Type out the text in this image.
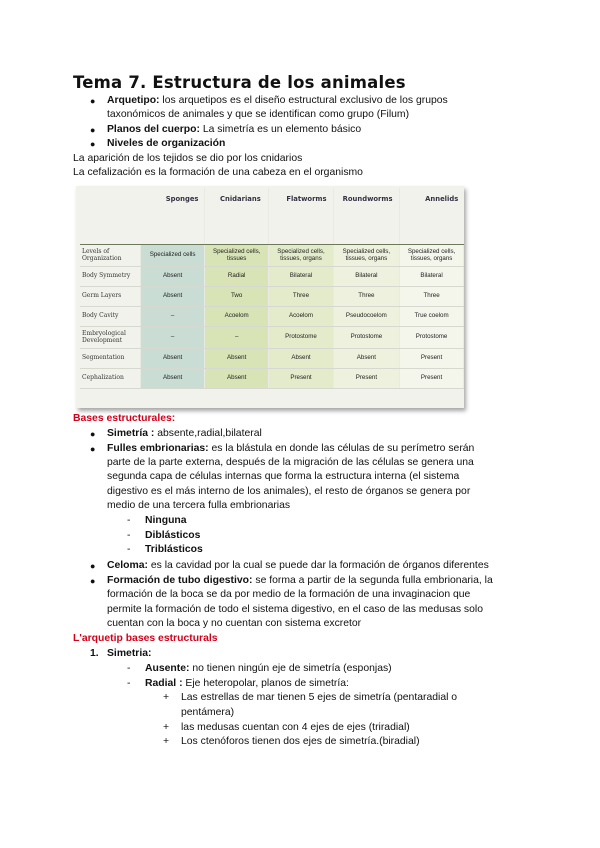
Tema 7. Estructura de los animales
● Arquetipo: los arquetipos es el diseño estructural exclusivo de los grupos
taxonómicos de animales y que se identifican como grupo (Filum)
● Planos del cuerpo: La simetría es un elemento básico
● Niveles de organización
La aparición de los tejidos se dio por los cnidarios
La cefalización es la formación de una cabeza en el organismo

	Sponges	Cnidarians	Flatworms	Roundworms	Annelids

Levels of Organization	Specialized cells	Specialized cells, tissues	Specialized cells, tissues, organs	Specialized cells, tissues, organs	Specialized cells, tissues, organs
Body Symmetry	Absent	Radial	Bilateral	Bilateral	Bilateral
Germ Layers	Absent	Two	Three	Three	Three
Body Cavity	–	Acoelom	Acoelom	Pseudocoelom	True coelom
Embryological Development	–	–	Protostome	Protostome	Protostome
Segmentation	Absent	Absent	Absent	Absent	Present
Cephalization	Absent	Absent	Present	Present	Present
Bases estructurales:
● Simetría : absente,radial,bilateral
● Fulles embrionarias: es la blástula en donde las células de su perímetro serán
parte de la parte externa, después de la migración de las células se genera una
segunda capa de células internas que forma la estructura interna (el sistema
digestivo es el más interno de los animales), el resto de órganos se genera por
medio de una tercera fulla embrionarias
- Ninguna
- Diblásticos
- Triblásticos
● Celoma: es la cavidad por la cual se puede dar la formación de órganos diferentes
● Formación de tubo digestivo: se forma a partir de la segunda fulla embrionaria, la
formación de la boca se da por medio de la formación de una invaginacion que
permite la formación de todo el sistema digestivo, en el caso de las medusas solo
cuentan con la boca y no cuentan con sistema excretor
L'arquetip bases estructurals
1. Simetria:
- Ausente: no tienen ningún eje de simetría (esponjas)
- Radial : Eje heteropolar, planos de simetría:
+ Las estrellas de mar tienen 5 ejes de simetría (pentaradial o
pentámera)
+ las medusas cuentan con 4 ejes de ejes (triradial)
+ Los ctenóforos tienen dos ejes de simetría.(biradial)
